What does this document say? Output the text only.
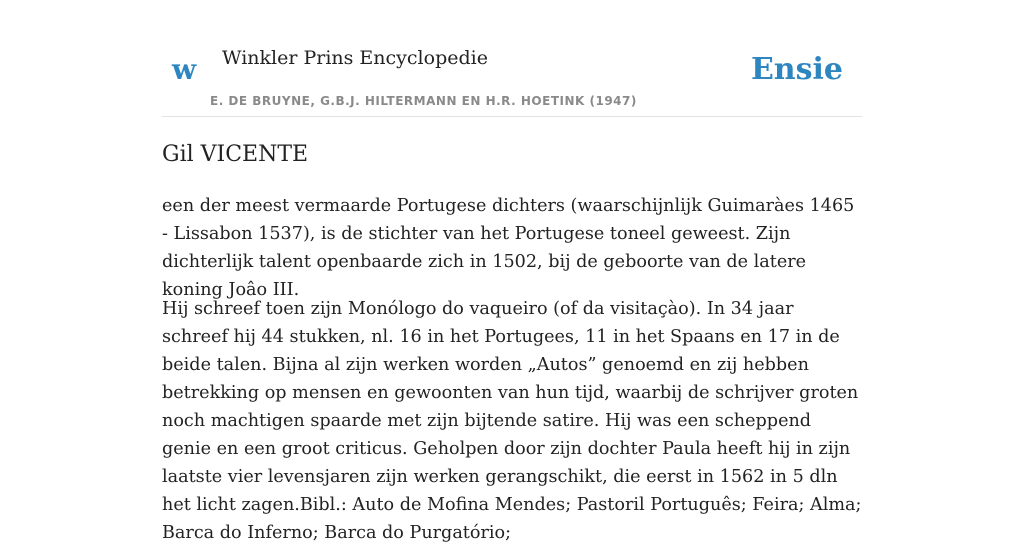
w Winkler Prins Encyclopedie
E. DE BRUYNE, G.B.J. HILTERMANN EN H.R. HOETINK (1947)
Ensie
Gil VICENTE

een der meest vermaarde Portugese dichters (waarschijnlijk Guimaràes 1465 - Lissabon 1537), is de stichter van het Portugese toneel geweest. Zijn dichterlijk talent openbaarde zich in 1502, bij de geboorte van de latere koning Joâo III.

Hij schreef toen zijn Monólogo do vaqueiro (of da visitaçào). In 34 jaar schreef hij 44 stukken, nl. 16 in het Portugees, 11 in het Spaans en 17 in de beide talen. Bijna al zijn werken worden „Autos” genoemd en zij hebben betrekking op mensen en gewoonten van hun tijd, waarbij de schrijver groten noch machtigen spaarde met zijn bijtende satire. Hij was een scheppend genie en een groot criticus. Geholpen door zijn dochter Paula heeft hij in zijn laatste vier levensjaren zijn werken gerangschikt, die eerst in 1562 in 5 dln het licht zagen.Bibl.: Auto de Mofina Mendes; Pastoril Português; Feira; Alma; Barca do Inferno; Barca do Purgatório;
